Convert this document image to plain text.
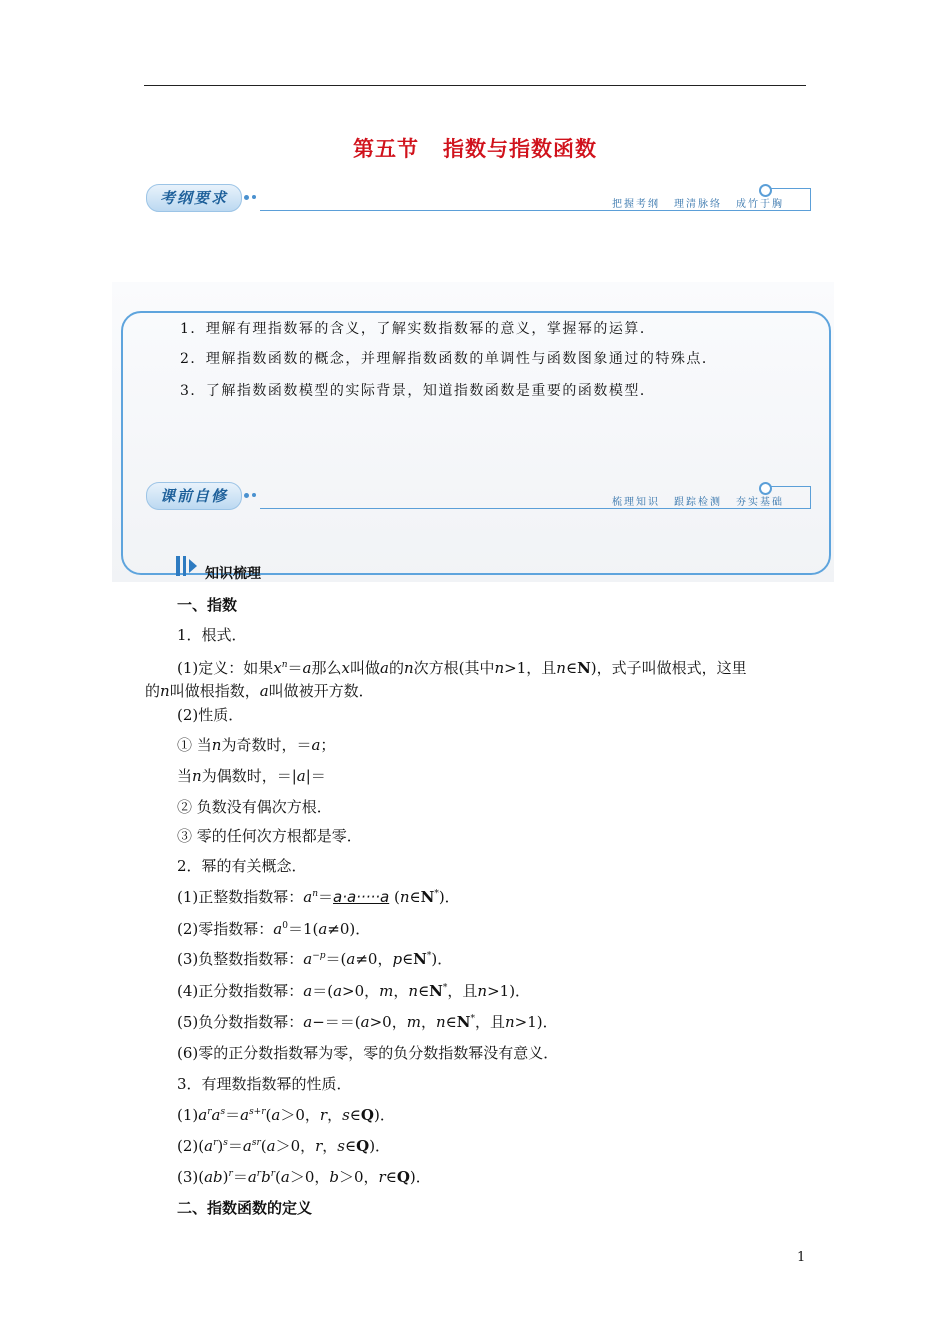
第五节 指数与指数函数
考纲要求	把握考纲 理清脉络 成竹于胸
1．理解有理指数幂的含义，了解实数指数幂的意义，掌握幂的运算．
2．理解指数函数的概念，并理解指数函数的单调性与函数图象通过的特殊点．
3．了解指数函数模型的实际背景，知道指数函数是重要的函数模型．
课前自修	梳理知识 跟踪检测 夯实基础
知识梳理
一、指数
1．根式．
(1)定义：如果$x^n=a$那么x叫做a的n次方根(其中n>1，且n∈N)，式子叫做根式，这里
的n叫做根指数，a叫做被开方数．
(2)性质．
① 当n为奇数时，＝a；
当n为偶数时，＝|a|＝
② 负数没有偶次方根．
③ 零的任何次方根都是零．
2．幂的有关概念．
(1)正整数指数幂：$a^n=a\cdot a\cdot\cdot\cdot\cdot\cdot a$ (n∈N*)．
(2)零指数幂：$a^0=1(a\ne 0)$．
(3)负整数指数幂：$a^{-p}=(a\ne 0$，p∈N*)．
(4)正分数指数幂：a＝(a>0，m，n∈N*，且n>1)．
(5)负分数指数幂：a−＝＝(a>0，m，n∈N*，且n>1)．
(6)零的正分数指数幂为零，零的负分数指数幂没有意义．
3．有理数指数幂的性质．
$(1)a^ra^s=a^{s+r}(a>0$，r，s∈Q)．
$(2)(a^r)^s=a^{sr}(a>0$，r，s∈Q)．
$(3)(ab)^r=a^rb^r(a>0$，b＞0，r∈Q)．
二、指数函数的定义
1
